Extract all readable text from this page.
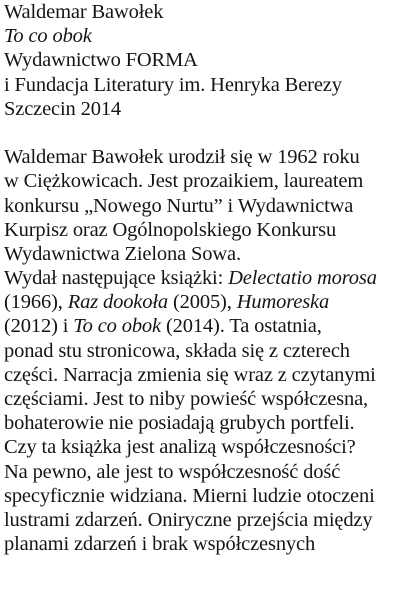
Waldemar Bawołek
To co obok
Wydawnictwo FORMA
i Fundacja Literatury im. Henryka Berezy
Szczecin 2014
Waldemar Bawołek urodził się w 1962 roku
w Ciężkowicach. Jest prozaikiem, laureatem
konkursu „Nowego Nurtu” i Wydawnictwa
Kurpisz oraz Ogólnopolskiego Konkursu
Wydawnictwa Zielona Sowa.
Wydał następujące książki: Delectatio morosa
(1966), Raz dookoła (2005), Humoreska
(2012) i To co obok (2014). Ta ostatnia,
ponad stu stronicowa, składa się z czterech
części. Narracja zmienia się wraz z czytanymi
częściami. Jest to niby powieść współczesna,
bohaterowie nie posiadają grubych portfeli.
Czy ta książka jest analizą współczesności?
Na pewno, ale jest to współczesność dość
specyficznie widziana. Mierni ludzie otoczeni
lustrami zdarzeń. Oniryczne przejścia między
planami zdarzeń i brak współczesnych
